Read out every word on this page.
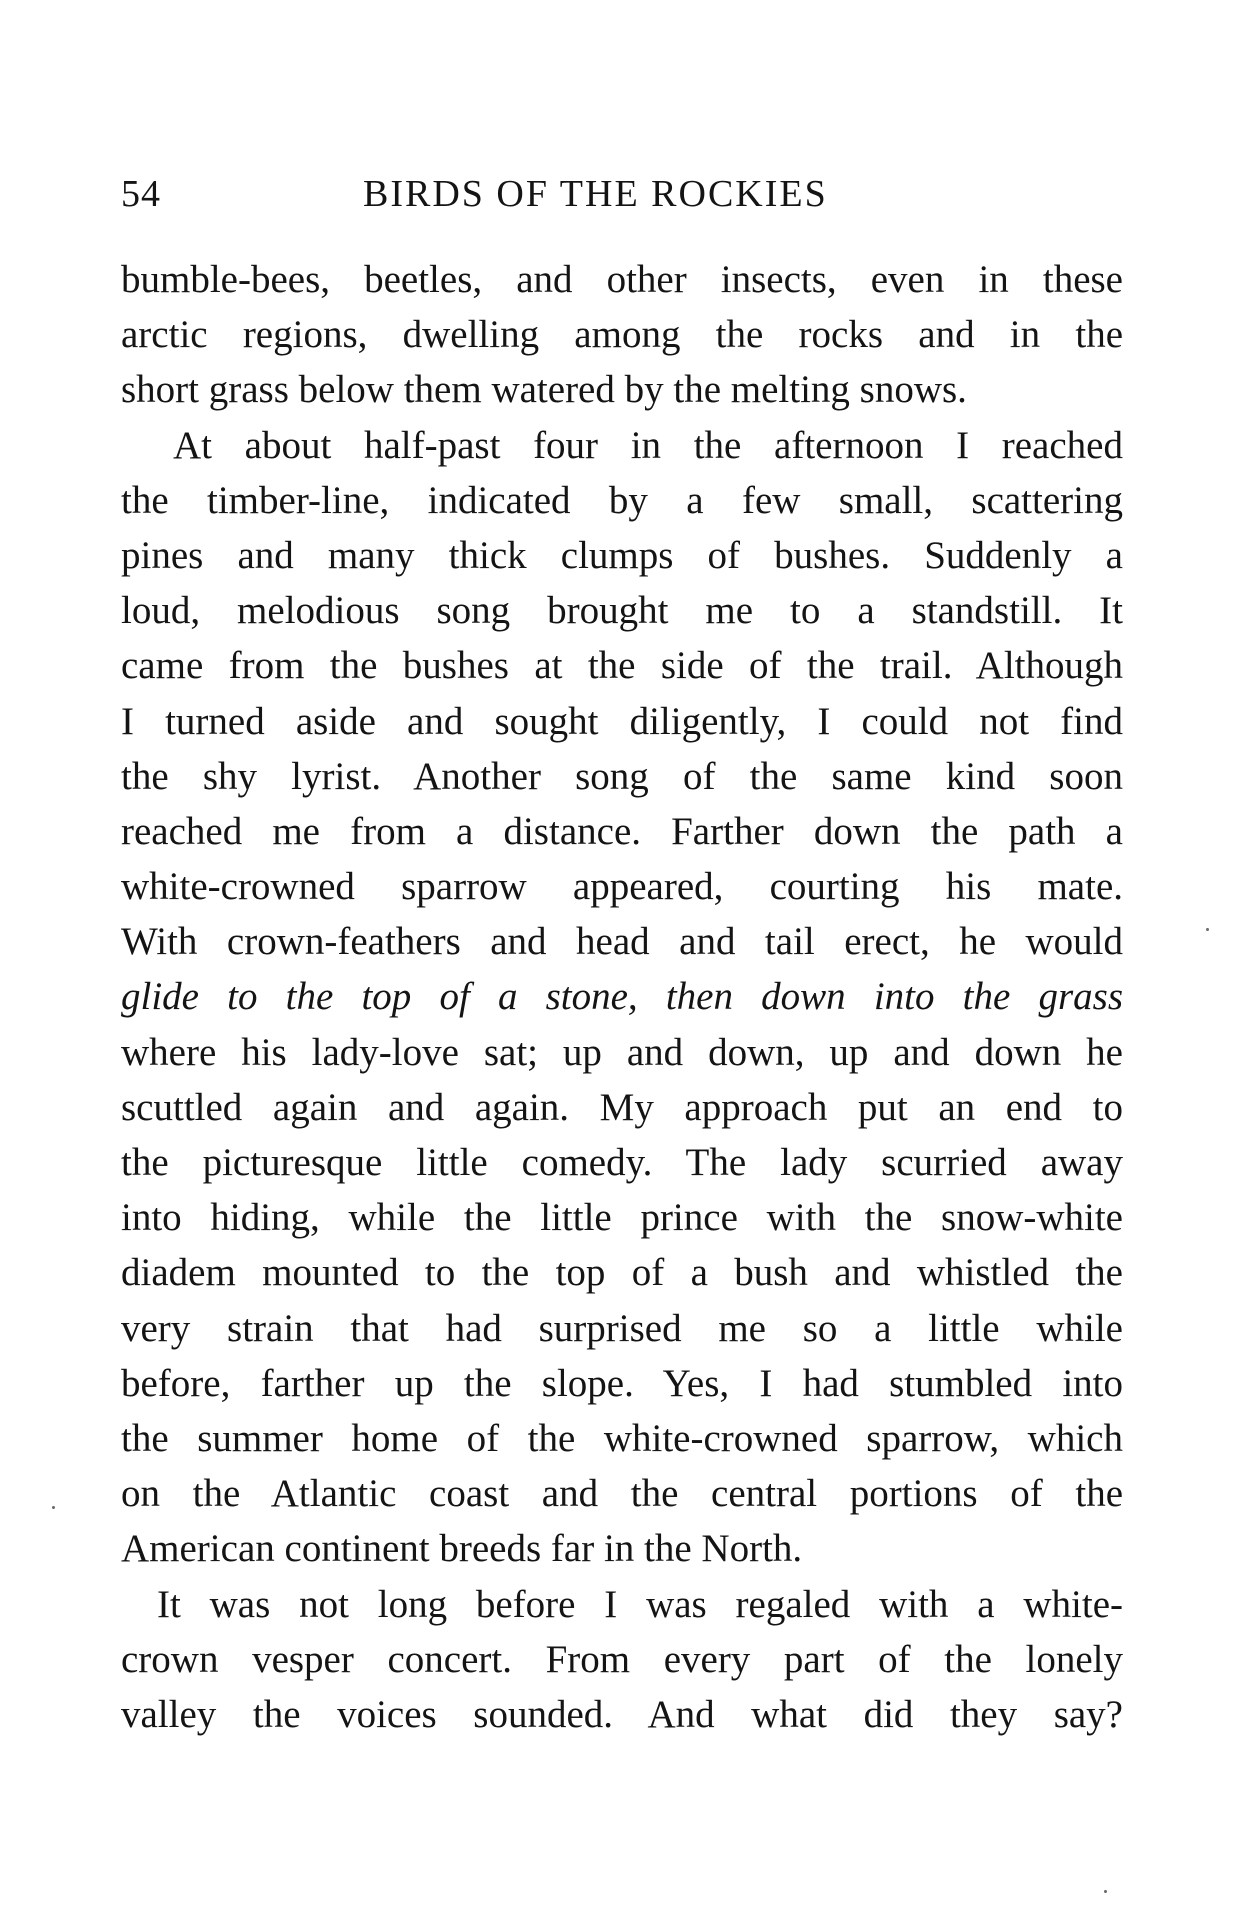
54	BIRDS OF THE ROCKIES
bumble-bees, beetles, and other insects, even in these
arctic regions, dwelling among the rocks and in the
short grass below them watered by the melting snows.
At about half-past four in the afternoon I reached
the timber-line, indicated by a few small, scattering
pines and many thick clumps of bushes. Suddenly a
loud, melodious song brought me to a standstill. It
came from the bushes at the side of the trail. Although
I turned aside and sought diligently, I could not find
the shy lyrist. Another song of the same kind soon
reached me from a distance. Farther down the path a
white-crowned sparrow appeared, courting his mate.
With crown-feathers and head and tail erect, he would
glide to the top of a stone, then down into the grass
where his lady-love sat; up and down, up and down he
scuttled again and again. My approach put an end to
the picturesque little comedy. The lady scurried away
into hiding, while the little prince with the snow-white
diadem mounted to the top of a bush and whistled the
very strain that had surprised me so a little while
before, farther up the slope. Yes, I had stumbled into
the summer home of the white-crowned sparrow, which
on the Atlantic coast and the central portions of the
American continent breeds far in the North.
It was not long before I was regaled with a white-
crown vesper concert. From every part of the lonely
valley the voices sounded. And what did they say?
